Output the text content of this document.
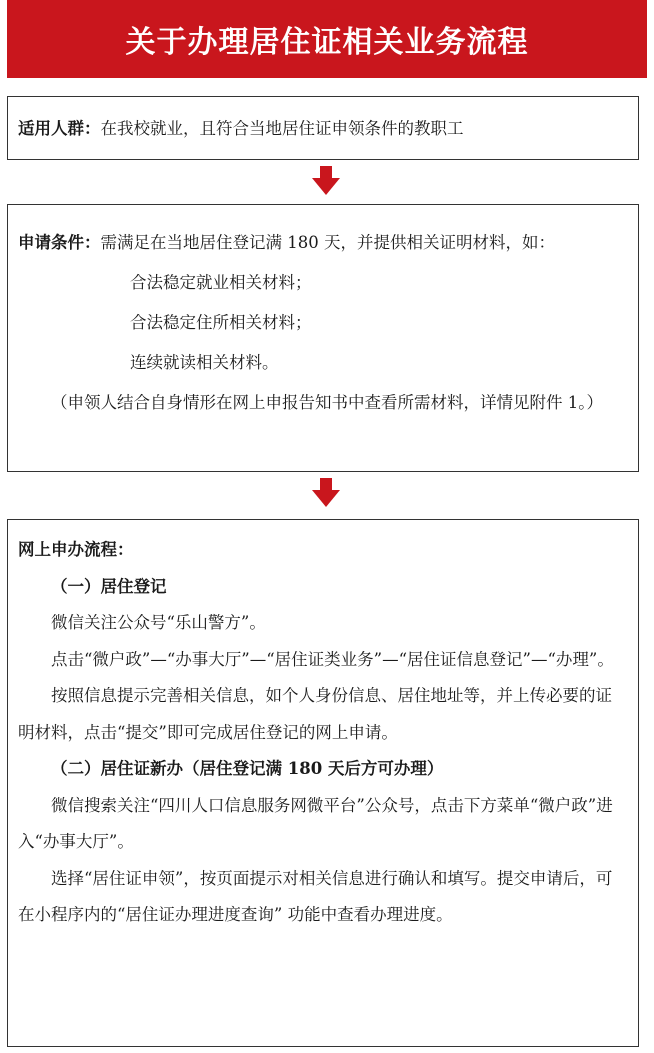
关于办理居住证相关业务流程
适用人群：在我校就业，且符合当地居住证申领条件的教职工

申请条件：需满足在当地居住登记满 180 天，并提供相关证明材料，如：

合法稳定就业相关材料；

合法稳定住所相关材料；

连续就读相关材料。

（申领人结合自身情形在网上申报告知书中查看所需材料，详情见附件 1。）

网上申办流程：

（一）居住登记

微信关注公众号“乐山警方”。

点击“微户政”—“办事大厅”—“居住证类业务”—“居住证信息登记”—“办理”。

按照信息提示完善相关信息，如个人身份信息、居住地址等，并上传必要的证明材料，点击“提交”即可完成居住登记的网上申请。

（二）居住证新办（居住登记满 180 天后方可办理）

微信搜索关注“四川人口信息服务网微平台”公众号，点击下方菜单“微户政”进入“办事大厅”。

选择“居住证申领”，按页面提示对相关信息进行确认和填写。提交申请后，可在小程序内的“居住证办理进度查询” 功能中查看办理进度。
